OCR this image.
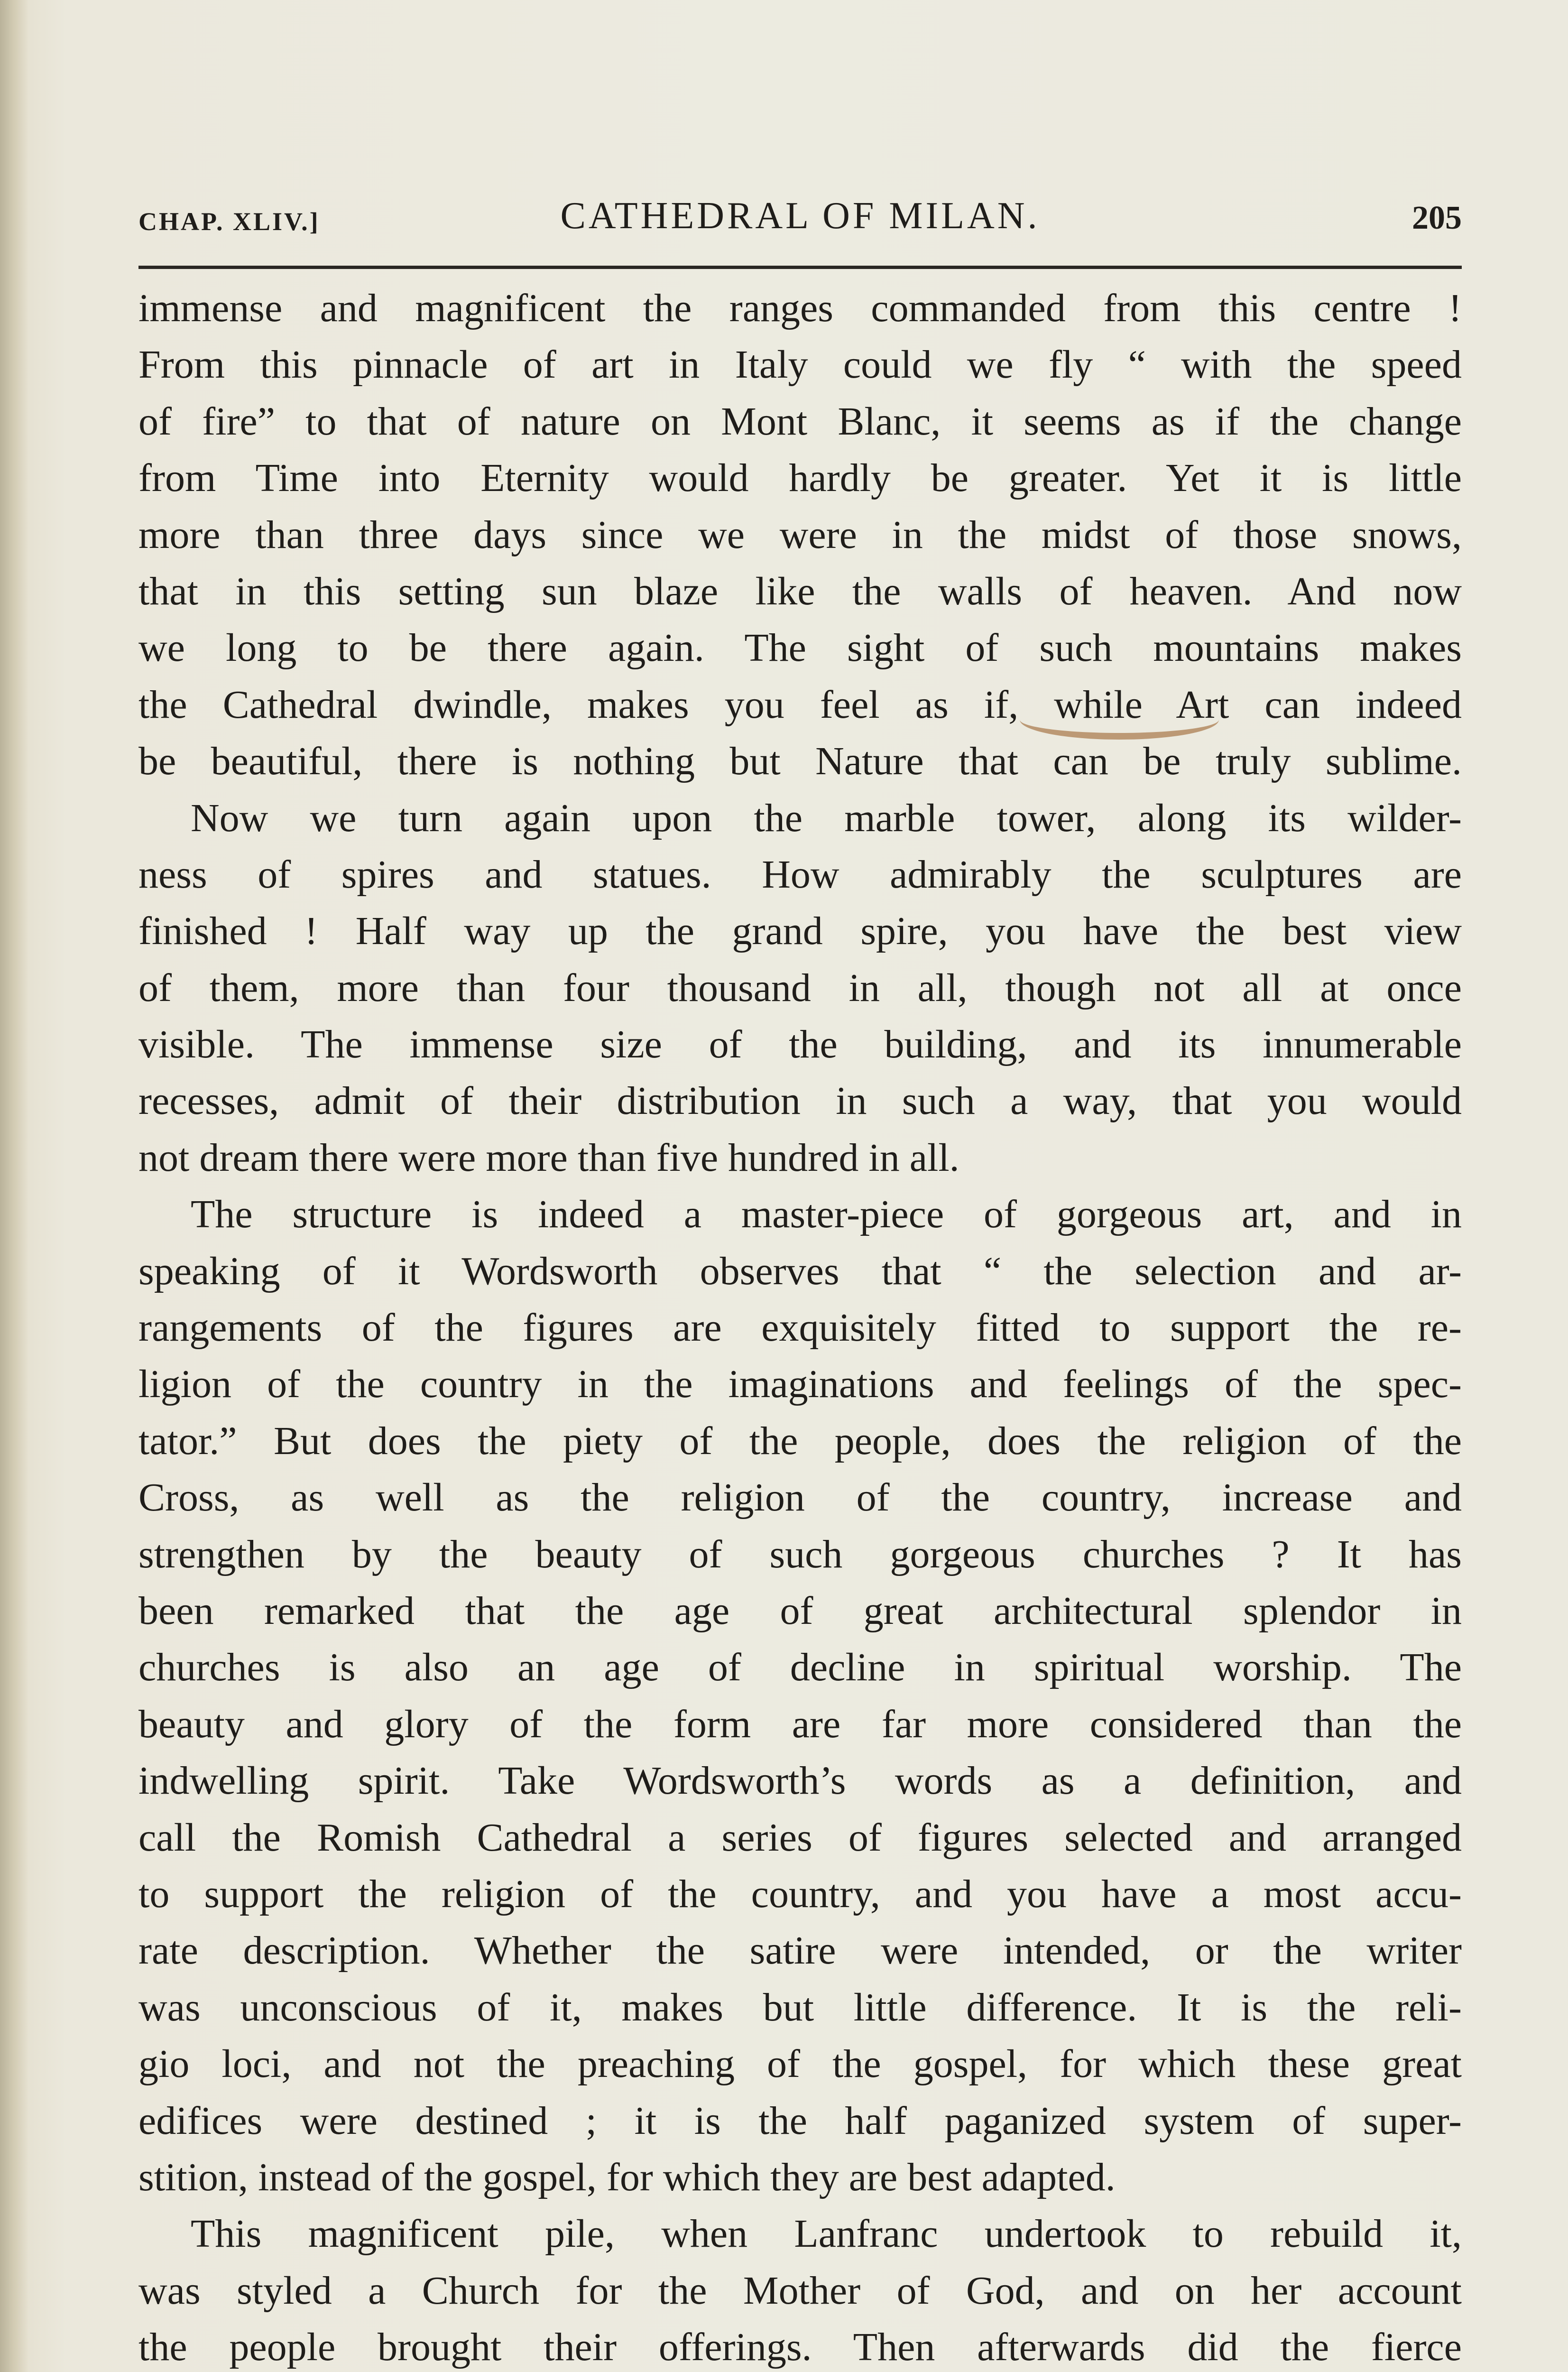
CHAP. XLIV.]	CATHEDRAL OF MILAN.	205
immense and magnificent the ranges commanded from this centre !
From this pinnacle of art in Italy could we fly “ with the speed
of fire” to that of nature on Mont Blanc, it seems as if the change
from Time into Eternity would hardly be greater. Yet it is little
more than three days since we were in the midst of those snows,
that in this setting sun blaze like the walls of heaven. And now
we long to be there again. The sight of such mountains makes
the Cathedral dwindle, makes you feel as if, while Art can indeed
be beautiful, there is nothing but Nature that can be truly sublime.
Now we turn again upon the marble tower, along its wilder-
ness of spires and statues. How admirably the sculptures are
finished ! Half way up the grand spire, you have the best view
of them, more than four thousand in all, though not all at once
visible. The immense size of the building, and its innumerable
recesses, admit of their distribution in such a way, that you would
not dream there were more than five hundred in all.
The structure is indeed a master-piece of gorgeous art, and in
speaking of it Wordsworth observes that “ the selection and ar-
rangements of the figures are exquisitely fitted to support the re-
ligion of the country in the imaginations and feelings of the spec-
tator.” But does the piety of the people, does the religion of the
Cross, as well as the religion of the country, increase and
strengthen by the beauty of such gorgeous churches ? It has
been remarked that the age of great architectural splendor in
churches is also an age of decline in spiritual worship. The
beauty and glory of the form are far more considered than the
indwelling spirit. Take Wordsworth’s words as a definition, and
call the Romish Cathedral a series of figures selected and arranged
to support the religion of the country, and you have a most accu-
rate description. Whether the satire were intended, or the writer
was unconscious of it, makes but little difference. It is the reli-
gio loci, and not the preaching of the gospel, for which these great
edifices were destined ; it is the half paganized system of super-
stition, instead of the gospel, for which they are best adapted.
This magnificent pile, when Lanfranc undertook to rebuild it,
was styled a Church for the Mother of God, and on her account
the people brought their offerings. Then afterwards did the fierce
